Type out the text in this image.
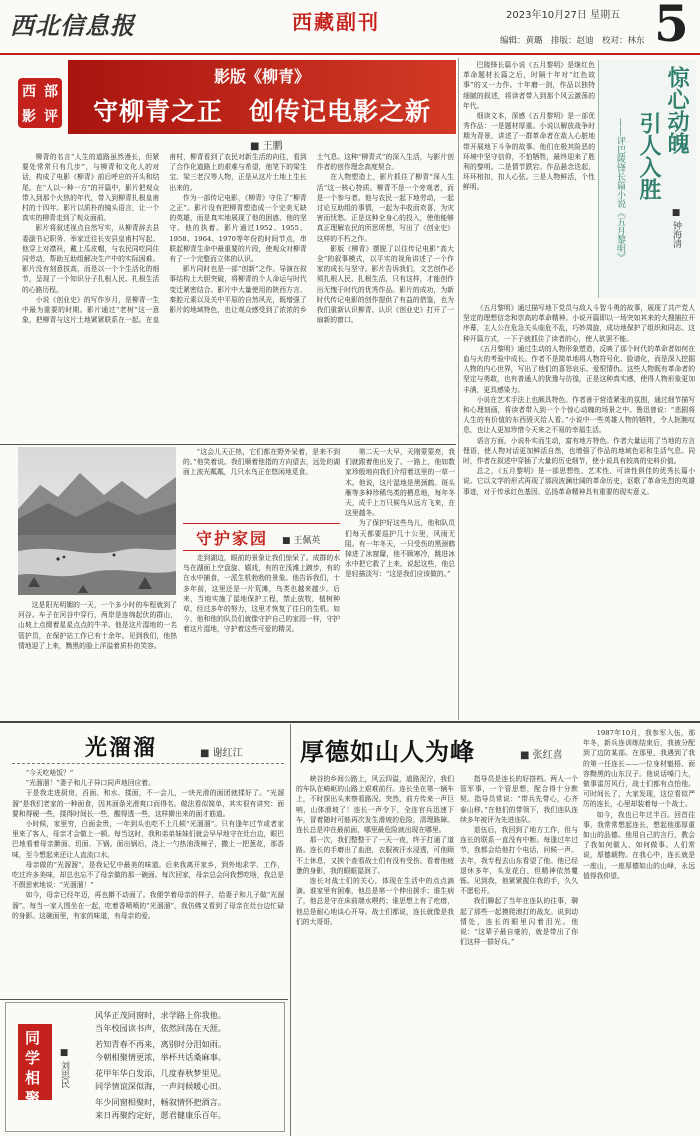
西北信息报	西藏副刊	2023年10月27日 星期五 5
编辑：黄璐　排版：赵迪　校对：林东
西 部
影 评
影版《柳青》
守柳青之正　创传记电影之新
■ 王鹏

柳青的名言“人生的道路虽然漫长，但紧要处常常只有几步”，与柳青和文化人的对话，构成了电影《柳青》前后呼应的开头和结尾。在“人以一种一方”的开篇中，影片把观众带入到那个火热的年代，带入到柳青扎根皇甫村的十四年。影片以质朴的镜头语言，让一个真实的柳青走到了观众面前。

影片将叙述视点自然写实，从柳青辞去县委副书记职务、举家迁往长安县皇甫村写起。他穿上对襟袄，戴上瓜皮帽，与农民同吃同住同劳动，帮助互助组解决生产中的实际困难。影片没有刻意拔高，而是以一个个生活化的细节，呈现了一个知识分子扎根人民、扎根生活的心路历程。

小说《创业史》的写作岁月，是柳青一生中最为重要的时期。影片通过“老树”这一意象，把柳青与这片土地紧紧联系在一起。在皇甫村，柳青看到了农民对新生活的向往，看到了合作化道路上的艰难与希望，他笔下的梁生宝、梁三老汉等人物，正是从这片土地上生长出来的。

作为一部传记电影，《柳青》守住了“柳青之正”。影片没有把柳青塑造成一个完美无缺的英雄，而是真实地展现了他的困惑、他的坚守、他的执着。影片通过1952、1955、1958、1964、1970等年份的时间节点，串联起柳青生命中最重要的片段，使观众对柳青有了一个完整而立体的认识。

影片同时也是一部“创新”之作。导演在叙事结构上大胆突破，将柳青的个人命运与时代变迁紧密结合。影片中大量使用的陕西方言、秦腔元素以及关中平原的自然风光，既增强了影片的地域特色，也让观众感受到了浓浓的乡土气息。这种“柳青式”的深入生活，与影片创作者的创作理念高度契合。

在人物塑造上，影片抓住了柳青“深入生活”这一核心特质。柳青不是一个旁观者，而是一个参与者。他与农民一起下地劳动，一起讨论互助组的事情，一起为丰收而欢喜，为灾害而忧愁。正是这种全身心的投入，使他能够真正理解农民的所思所想，写出了《创业史》这样的不朽之作。

影版《柳青》摆脱了以往传记电影“高大全”的叙事模式，以平实的视角讲述了一个作家的成长与坚守。影片告诉我们，文艺创作必须扎根人民、扎根生活，只有这样，才能创作出无愧于时代的优秀作品。影片的成功，为新时代传记电影的创作提供了有益的借鉴，也为我们重新认识柳青、认识《创业史》打开了一扇新的窗口。

巴陵锋长篇小说《五月黎明》是继红色革命题材长篇之后，时隔十年对“红色故事”的又一力作。十年磨一剑，作品以独特细腻的叙述，将读者带入到那个风云激荡的年代。

细读文本，深感《五月黎明》是一部优秀作品：一是题材厚重。小说以解放战争时期为背景，讲述了一群革命者在敌人心脏地带开展地下斗争的故事。他们在极其险恶的环境中坚守信仰，不怕牺牲，最终迎来了胜利的黎明。二是情节跌宕。作品悬念迭起，环环相扣，扣人心弦。三是人物鲜活，个性鲜明。

惊心动魄
引人入胜
——评巴陵锋长篇小说《五月黎明》	■ 钟海清

《五月黎明》通过描写地下党员与敌人斗智斗勇的故事，展现了共产党人坚定的理想信念和崇高的革命精神。小说开篇即以一场突如其来的大搜捕拉开序幕，主人公在危急关头临危不乱，巧妙周旋，成功地保护了组织和同志。这种开篇方式，一下子就抓住了读者的心，使人欲罢不能。

《五月黎明》通过生动的人物形象塑造，反映了那个时代的革命者如何在血与火的考验中成长。作者不是简单地将人物符号化、脸谱化，而是深入挖掘人物的内心世界，写出了他们的喜怒哀乐、爱恨情仇。这些人物既有革命者的坚定与勇敢，也有普通人的犹豫与彷徨，正是这种真实感，使得人物形象更加丰满，更具感染力。

小说在艺术手法上也颇具特色。作者善于营造紧张的氛围，通过细节描写和心理刻画，将读者带入到一个个惊心动魄的场景之中。鲁迅曾说：“悲剧将人生的有价值的东西毁灭给人看。”小说中一些英雄人物的牺牲，令人扼腕叹息，也让人更加珍惜今天来之不易的幸福生活。

语言方面，小说朴实而生动，富有地方特色。作者大量运用了当地的方言俚语，使人物对话更加鲜活自然，也增强了作品的地域色彩和生活气息。同时，作者在叙述中穿插了大量的历史细节，使小说具有较高的史料价值。

总之，《五月黎明》是一部思想性、艺术性、可读性俱佳的优秀长篇小说。它以文学的形式再现了那段波澜壮阔的革命历史，讴歌了革命先烈的英雄事迹，对于传承红色基因、弘扬革命精神具有重要的现实意义。

这是阳光明媚的一天，一个多小时的车程就到了河谷。车子在河谷中穿行，两岸是连绵起伏的群山，山坡上点缀着星星点点的牛羊。他是这片湿地的一名管护员，在保护站工作已有十余年。见到我们，他热情地迎了上来，黝黑的脸上洋溢着质朴的笑容。

“这会儿天正热，它们都在野外呆着，是来不到的。”他笑着说。我们顺着他指的方向望去，远处的湖面上波光粼粼，几只水鸟正在悠闲地觅食。

守护家园 ■ 王佩英

走到湖边，眼前的景象让我们惊呆了。成群的水鸟在湖面上空盘旋、嬉戏，有的在浅滩上踱步，有的在水中捕食，一派生机勃勃的景象。他告诉我们，十多年前，这里还是一片荒滩，鸟类也越来越少。后来，当地实施了湿地保护工程，禁止放牧，植树种草，经过多年的努力，这里才恢复了往日的生机。如今，他和他的队员们就像守护自己的家园一样，守护着这片湿地，守护着这些可爱的精灵。

第二天一大早，天刚蒙蒙亮，我们就跟着他出发了。一路上，他如数家珍般地向我们介绍着这里的一草一木。他说，这片湿地是黑颈鹤、斑头雁等多种珍稀鸟类的栖息地，每年冬天，成千上万只候鸟从远方飞来，在这里越冬。

为了保护好这些鸟儿，他和队员们每天都要巡护几十公里，风雨无阻。有一年冬天，一只受伤的黑颈鹤掉进了冰窟窿，他不顾寒冷，跳进冰水中把它救了上来。说起这些，他总是轻描淡写：“这是我们应该做的。”

光溜溜	■ 谢红江

“今天吃啥饭？”

“光溜溜！”妻子和儿子异口同声地回应着。

于是我走进厨房，舀面、和水、揉面，不一会儿，一块光滑的面团就揉好了。“光溜溜”是我们老家的一种面食，因其面条光滑爽口而得名。做法看似简单，其实很有讲究：面要和得硬一些，揉得时间长一些，醒得透一些，这样擀出来的面才筋道。

小时候，家里穷，白面金贵，一年到头也吃不上几顿“光溜溜”。只有逢年过节或者家里来了客人，母亲才会做上一顿。每当这时，我和弟弟妹妹们就会早早地守在灶台边，眼巴巴地看着母亲擀面、切面、下锅。面出锅后，浇上一勺热油泼辣子，撒上一把葱花，那香味，至今想起来还让人直流口水。

母亲做的“光溜溜”，是我记忆中最美的味道。后来我离开家乡，到外地求学、工作，吃过许多美味，却总也忘不了母亲做的那一碗面。每次回家，母亲总会问我想吃啥，我总是不假思索地说：“光溜溜！”

如今，母亲已经年迈，再也擀不动面了。我便学着母亲的样子，给妻子和儿子做“光溜溜”。每当一家人围坐在一起，吃着香喷喷的“光溜溜”，我仿佛又看到了母亲在灶台边忙碌的身影。这碗面里，有家的味道，有母亲的爱。

同
学
相
聚
■ 刘思民
风华正茂同窗时，求学路上你我他。
当年校园读书声，依然回荡在天涯。
若知青春不再来，离别时分泪如雨。
今朝相聚情更浓，举杯共话桑麻事。
花甲年华白发添，几度春秋梦里见。
同学情谊深似海，一声问候暖心田。
年少同窗相聚时，畅叙情怀把酒言。
来日再聚约定好，愿君健康乐百年。
厚德如山人为峰	■ 张红喜

峡谷的乡间公路上，风云四溢，道路泥泞，我们的车队在崎岖的山路上艰难前行。连长坐在第一辆车上，不时探出头来察看路况。突然，前方传来一声巨响，山体滑坡了！连长一声令下，全连官兵迅速下车，冒着随时可能再次发生滑坡的危险，清理路障。连长总是冲在最前面，哪里最危险就出现在哪里。

那一次，我们整整干了一天一夜，终于打通了道路。连长的手磨出了血泡，衣服被汗水浸透，可他顾不上休息，又挨个查看战士们有没有受伤。看着他疲惫的身影，我的眼眶湿润了。

连长对战士们的关心，体现在生活中的点点滴滴。谁家里有困难，他总是第一个伸出援手；谁生病了，他总是守在床前端水喂药；谁思想上有了疙瘩，他总是耐心地谈心开导。战士们都说，连长就像是我们的大哥哥。

指导员是连长的好搭档。两人一个管军事，一个管思想，配合得十分默契。指导员常说：“带兵先带心，心齐泰山移。”在他们的带领下，我们连队连续多年被评为先进连队。

退伍后，我回到了地方工作，但与连长的联系一直没有中断。每逢过年过节，我都会给他打个电话，问候一声。去年，我专程去山东看望了他。他已经退休多年，头发花白，但精神依然矍铄。见到我，他紧紧握住我的手，久久不愿松开。

我们聊起了当年在连队的往事，聊起了那些一起摸爬滚打的战友。说到动情处，连长的眼里闪着泪光。他说：“这辈子最自豪的，就是带出了你们这样一群好兵。”

1987年10月，我参军入伍，那年冬，新兵连训练结束后，我被分配到了边防某部。在那里，我遇到了我的第一任连长——一位身材魁梧、面容黝黑的山东汉子。他说话嗓门大，做事雷厉风行，战士们都有点怕他。可时间长了，大家发现，这位看似严厉的连长，心里却装着每一个战士。

如今，我也已年过半百。回首往事，我常常想起连长，想起他那厚重如山的品德。他用自己的言行，教会了我如何做人、如何做事。人们常说，厚德载物。在我心中，连长就是一座山，一座厚德如山的山峰，永远值得我仰望。
